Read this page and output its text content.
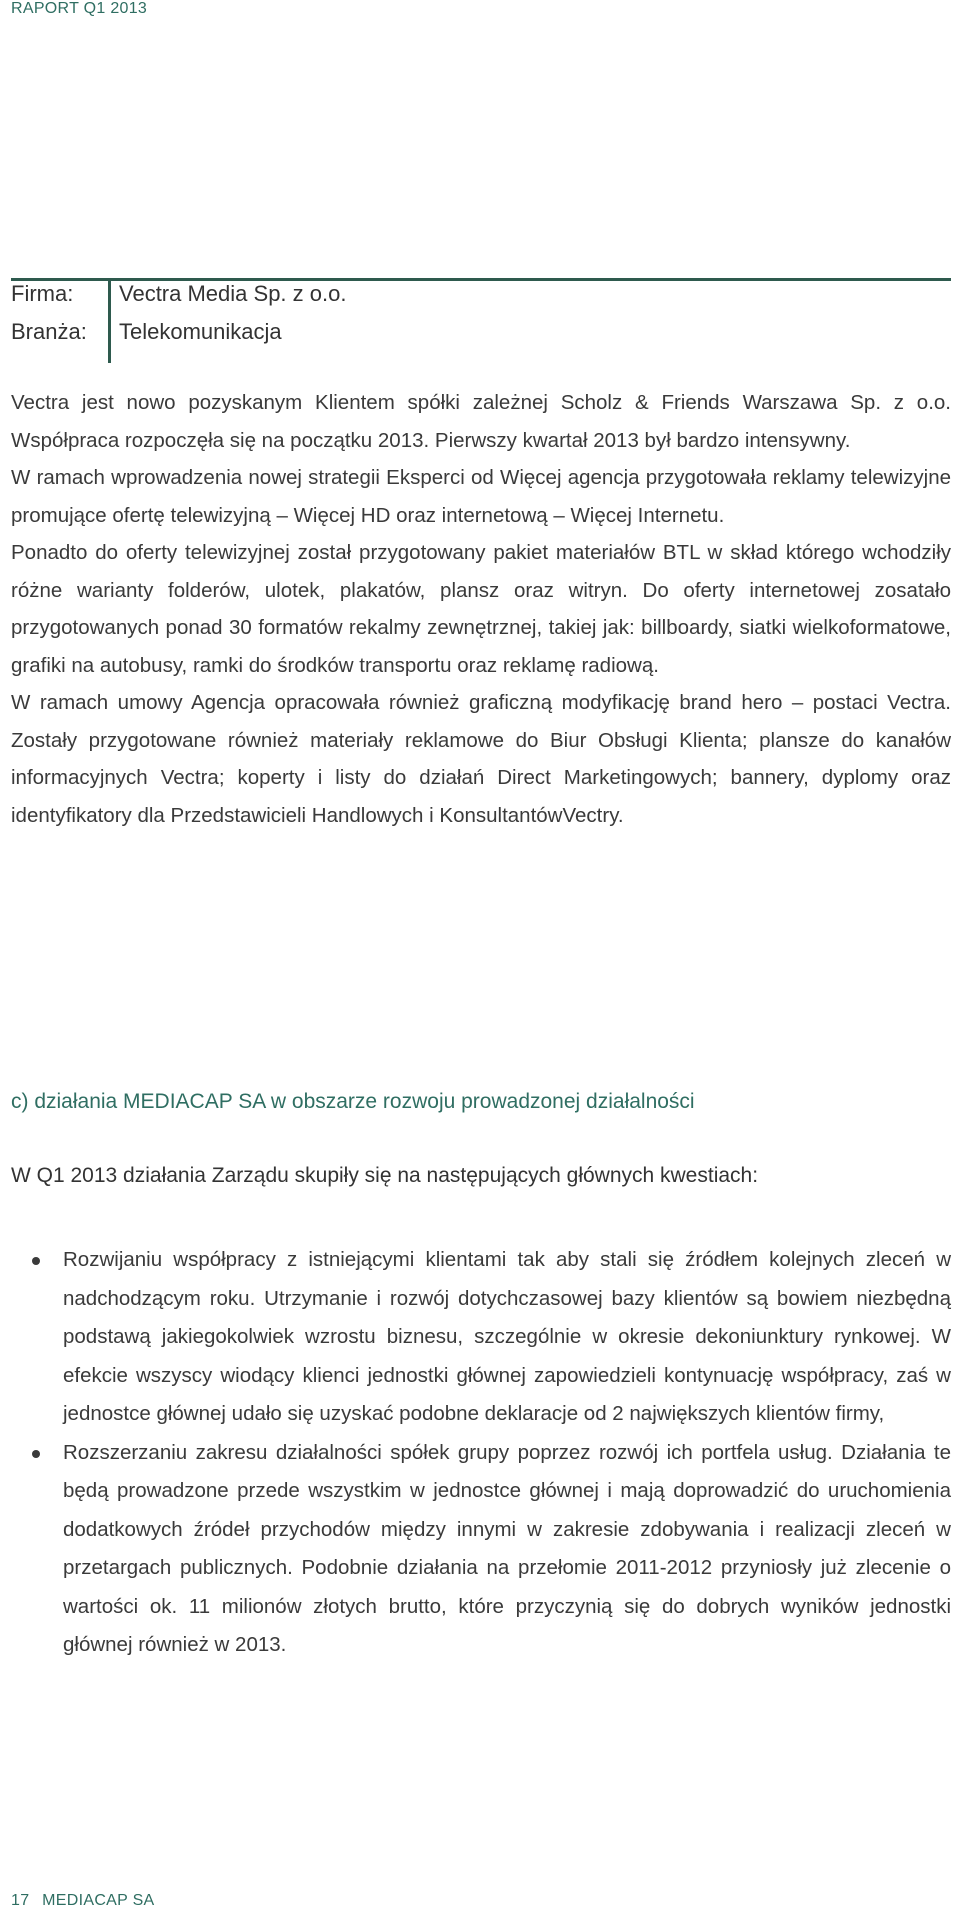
RAPORT Q1 2013
Firma:	Vectra Media Sp. z o.o.
Branża:	Telekomunikacja

Vectra jest nowo pozyskanym Klientem spółki zależnej Scholz & Friends Warszawa Sp. z o.o. Współpraca rozpoczęła się na początku 2013. Pierwszy kwartał 2013 był bardzo intensywny.

W ramach wprowadzenia nowej strategii Eksperci od Więcej agencja przygotowała reklamy telewizyjne promujące ofertę telewizyjną – Więcej HD oraz internetową – Więcej Internetu.

Ponadto do oferty telewizyjnej został przygotowany pakiet materiałów BTL w skład którego wchodziły różne warianty folderów, ulotek, plakatów, plansz oraz witryn. Do oferty internetowej zosatało przygotowanych ponad 30 formatów rekalmy zewnętrznej, takiej jak: billboardy, siatki wielkoformatowe, grafiki na autobusy, ramki do środków transportu oraz reklamę radiową.

W ramach umowy Agencja opracowała również graficzną modyfikację brand hero – postaci Vectra. Zostały przygotowane również materiały reklamowe do Biur Obsługi Klienta; plansze do kanałów informacyjnych Vectra; koperty i listy do działań Direct Marketingowych; bannery, dyplomy oraz identyfikatory dla Przedstawicieli Handlowych i KonsultantówVectry.

c) działania MEDIACAP SA w obszarze rozwoju prowadzonej działalności
W Q1 2013 działania Zarządu skupiły się na następujących głównych kwestiach:
Rozwijaniu współpracy z istniejącymi klientami tak aby stali się źródłem kolejnych zleceń w nadchodzącym roku. Utrzymanie i rozwój dotychczasowej bazy klientów są bowiem niezbędną podstawą jakiegokolwiek wzrostu biznesu, szczególnie w okresie dekoniunktury rynkowej. W efekcie wszyscy wiodący klienci jednostki głównej zapowiedzieli kontynuację współpracy, zaś w jednostce głównej udało się uzyskać podobne deklaracje od 2 największych klientów firmy,
Rozszerzaniu zakresu działalności spółek grupy poprzez rozwój ich portfela usług. Działania te będą prowadzone przede wszystkim w jednostce głównej i mają doprowadzić do uruchomienia dodatkowych źródeł przychodów między innymi w zakresie zdobywania i realizacji zleceń w przetargach publicznych. Podobnie działania na przełomie 2011-2012 przyniosły już zlecenie o wartości ok. 11 milionów złotych brutto, które przyczynią się do dobrych wyników jednostki głównej również w 2013.
17 MEDIACAP SA
